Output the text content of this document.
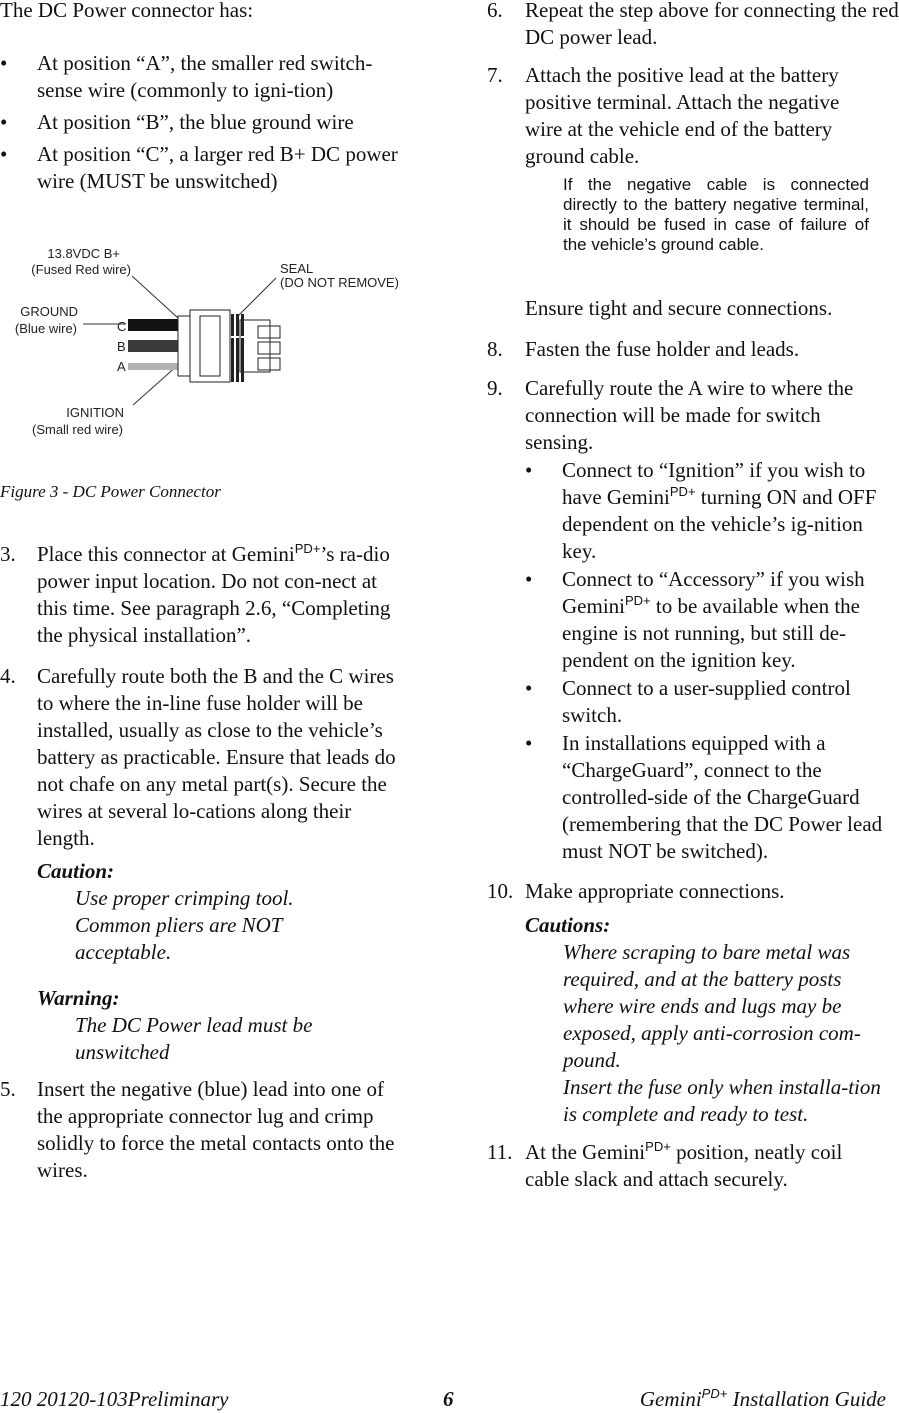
The DC Power connector has:

• At position “A”, the smaller red switch-sense wire (commonly to igni-tion)
• At position “B”, the blue ground wire
• At position “C”, a larger red B+ DC power wire (MUST be unswitched)
13.8VDC B+
(Fused Red wire)	SEAL
(DO NOT REMOVE)
GROUND
(Blue wire)
IGNITION
(Small red wire)
C
B
A

Figure 3 - DC Power Connector

3. Place this connector at Gemini$^{PD+}$’s ra-dio power input location. Do not con-nect at this time. See paragraph 2.6, “Completing the physical installation”.

4. Carefully route both the B and the C wires to where the in-line fuse holder will be installed, usually as close to the vehicle’s battery as practicable. Ensure that leads do not chafe on any metal part(s). Secure the wires at several lo-cations along their length.

Caution:

Use proper crimping tool. Common pliers are NOT acceptable.

Warning:

The DC Power lead must be unswitched

5. Insert the negative (blue) lead into one of the appropriate connector lug and crimp solidly to force the metal contacts onto the wires.

6. Repeat the step above for connecting the red DC power lead.

7. Attach the positive lead at the battery positive terminal. Attach the negative wire at the vehicle end of the battery ground cable.

If the negative cable is connected directly to the battery negative terminal, it should be fused in case of failure of the vehicle’s ground cable.

Ensure tight and secure connections.

8. Fasten the fuse holder and leads.

9. Carefully route the A wire to where the connection will be made for switch sensing.

• Connect to “Ignition” if you wish to have Gemini$^{PD+}$ turning ON and OFF dependent on the vehicle’s ig-nition key.
• Connect to “Accessory” if you wish Gemini$^{PD+}$ to be available when the engine is not running, but still de-pendent on the ignition key.
• Connect to a user-supplied control switch.
• In installations equipped with a “ChargeGuard”, connect to the controlled-side of the ChargeGuard (remembering that the DC Power lead must NOT be switched).

10. Make appropriate connections.

Cautions:

Where scraping to bare metal was required, and at the battery posts where wire ends and lugs may be exposed, apply anti-corrosion com-pound.

Insert the fuse only when installa-tion is complete and ready to test.

11. At the Gemini$^{PD+}$ position, neatly coil cable slack and attach securely.

120 20120-103Preliminary	6	Gemini$^{PD+}$ Installation Guide
